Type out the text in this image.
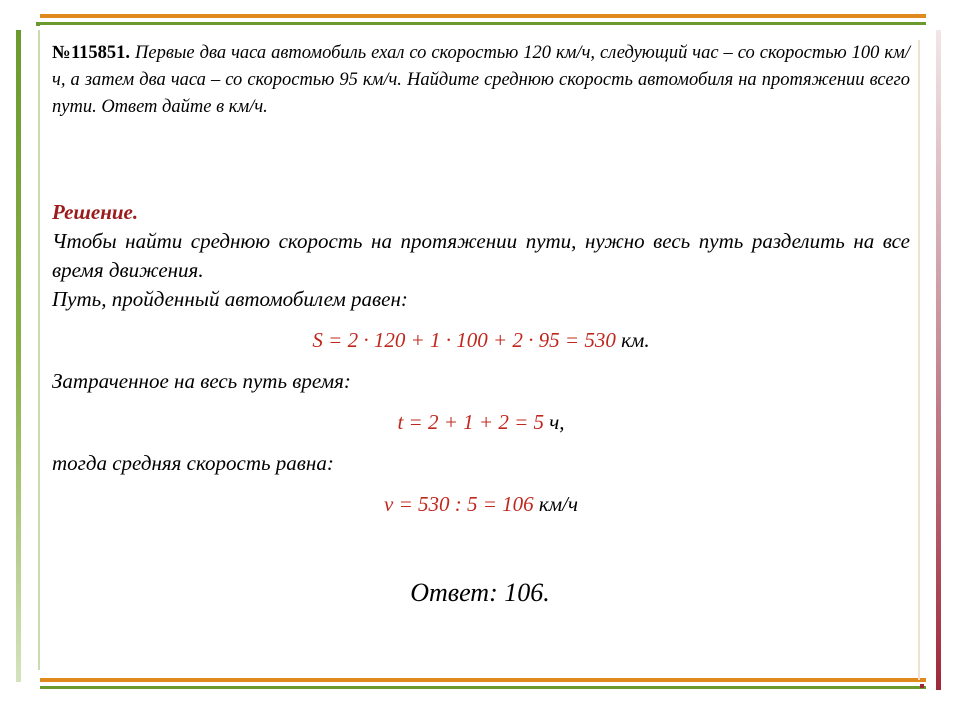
№115851. Первые два часа автомобиль ехал со скоростью 120 км/ч, следующий час – со скоростью 100 км/ч, а затем два часа – со скоростью 95 км/ч. Найдите среднюю скорость автомобиля на протяжении всего пути. Ответ дайте в км/ч.

Решение.

Чтобы найти среднюю скорость на протяжении пути, нужно весь путь разделить на все время движения.

Путь, пройденный автомобилем равен:

S = 2 · 120 + 1 · 100 + 2 · 95 = 530 км.

Затраченное на весь путь время:

t = 2 + 1 + 2 = 5 ч,

тогда средняя скорость равна:

v = 530 : 5 = 106 км/ч

Ответ: 106.
